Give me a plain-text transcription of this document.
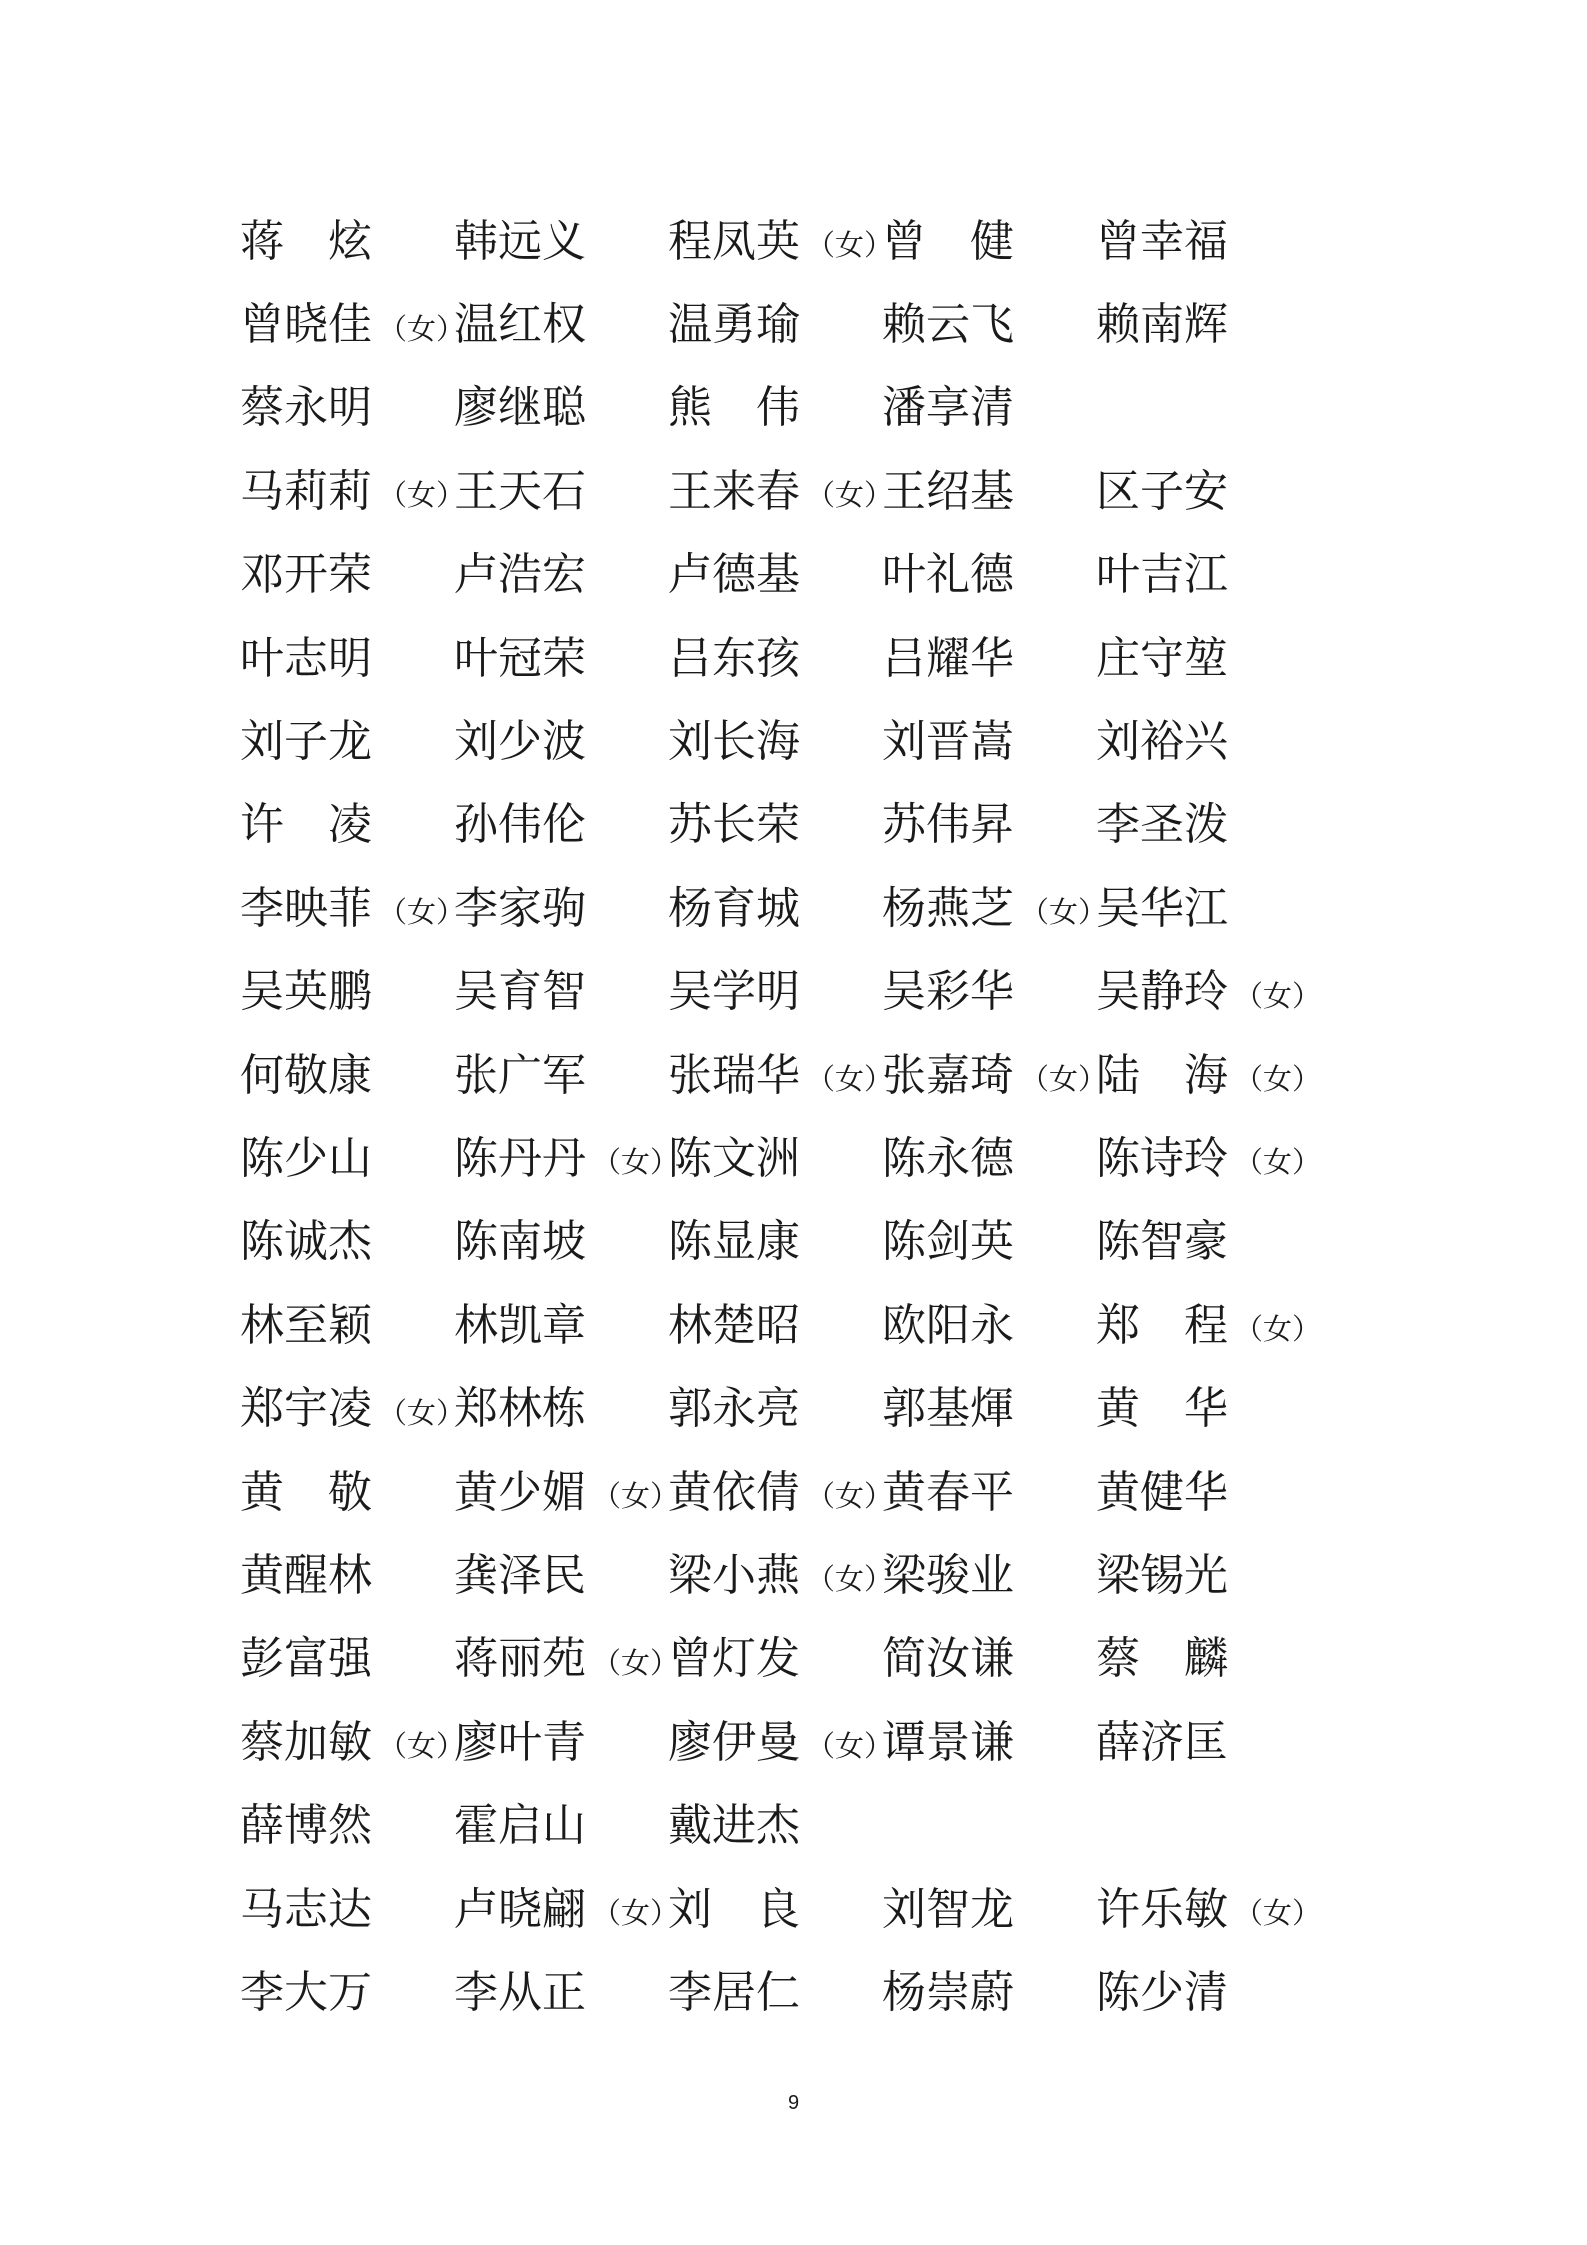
蒋　炫 韩远义 程凤英 （女）
曾　健 曾幸福
曾晓佳 （女）
温红权 温勇瑜 赖云飞 赖南辉
蔡永明 廖继聪 熊　伟 潘享清
马莉莉 （女）
王天石 王来春 （女）
王绍基 区子安
邓开荣 卢浩宏 卢德基 叶礼德 叶吉江
叶志明 叶冠荣 吕东孩 吕耀华 庄守堃
刘子龙 刘少波 刘长海 刘晋嵩 刘裕兴
许　凌 孙伟伦 苏长荣 苏伟昇 李圣泼
李映菲 （女）
李家驹 杨育城 杨燕芝 （女）
吴华江
吴英鹏 吴育智 吴学明 吴彩华 吴静玲 （女）
何敬康 张广军 张瑞华 （女）
张嘉琦 （女）
陆　海 （女）
陈少山 陈丹丹 （女）
陈文洲 陈永德 陈诗玲 （女）
陈诚杰 陈南坡 陈显康 陈剑英 陈智豪
林至颖 林凯章 林楚昭 欧阳永 郑　程 （女）
郑宇凌 （女）
郑林栋 郭永亮 郭基煇 黄　华
黄　敬 黄少媚 （女）
黄依倩 （女）
黄春平 黄健华
黄醒林 龚泽民 梁小燕 （女）
梁骏业 梁锡光
彭富强 蒋丽苑 （女）
曾灯发 简汝谦 蔡　麟
蔡加敏 （女）
廖叶青 廖伊曼 （女）
谭景谦 薛济匡
薛博然 霍启山 戴进杰
马志达 卢晓翩 （女）
刘　良 刘智龙 许乐敏 （女）
李大万 李从正 李居仁 杨崇蔚 陈少清
9
